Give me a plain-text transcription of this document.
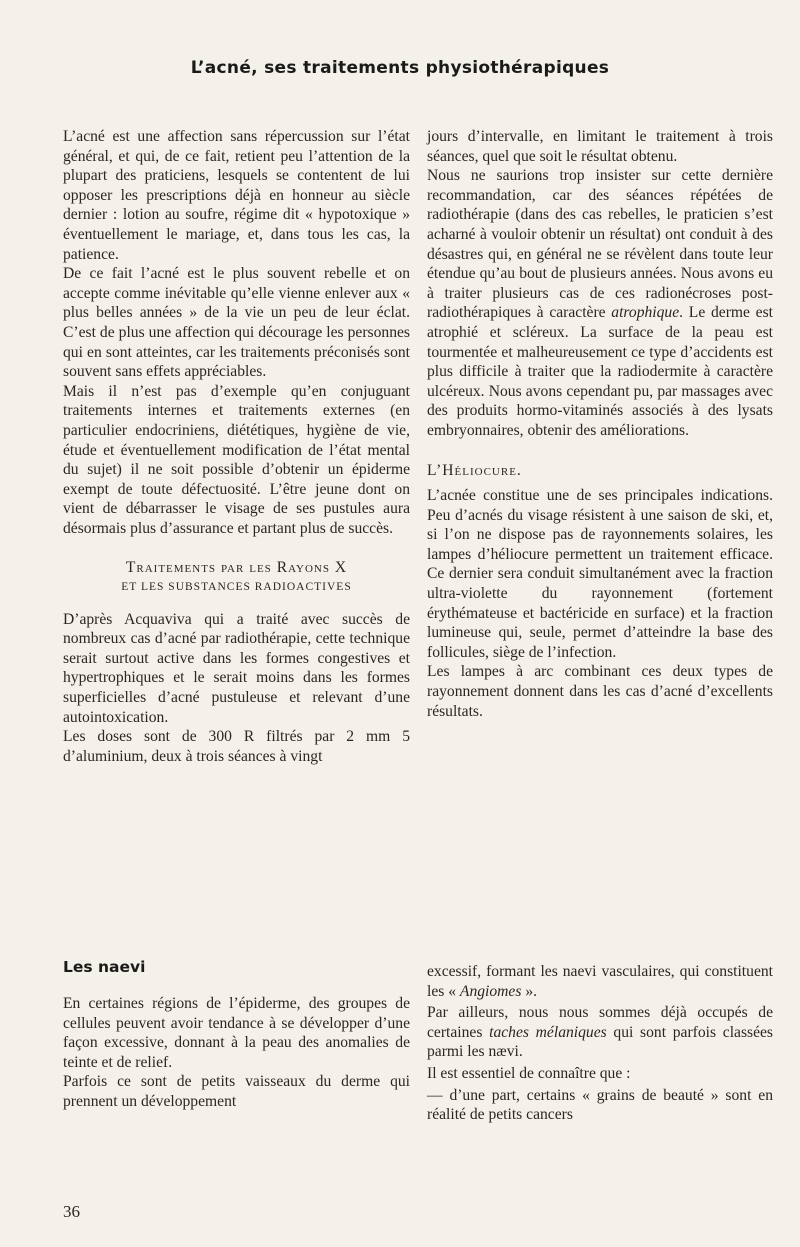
L’acné, ses traitements physiothérapiques

L’acné est une affection sans répercussion sur l’état général, et qui, de ce fait, retient peu l’attention de la plupart des praticiens, lesquels se contentent de lui opposer les prescriptions déjà en honneur au siècle dernier : lotion au soufre, régime dit « hypotoxique » éventuellement le mariage, et, dans tous les cas, la patience.

De ce fait l’acné est le plus souvent rebelle et on accepte comme inévitable qu’elle vienne enlever aux « plus belles années » de la vie un peu de leur éclat. C’est de plus une affection qui décourage les personnes qui en sont atteintes, car les traitements préconisés sont souvent sans effets appréciables.

Mais il n’est pas d’exemple qu’en conjuguant traitements internes et traitements externes (en particulier endocriniens, diététiques, hygiène de vie, étude et éventuellement modification de l’état mental du sujet) il ne soit possible d’obtenir un épiderme exempt de toute défectuosité. L’être jeune dont on vient de débarrasser le visage de ses pustules aura désormais plus d’assurance et partant plus de succès.

Traitements par les Rayons X

ET LES SUBSTANCES RADIOACTIVES

D’après Acquaviva qui a traité avec succès de nombreux cas d’acné par radiothérapie, cette technique serait surtout active dans les formes congestives et hypertrophiques et le serait moins dans les formes superficielles d’acné pustuleuse et relevant d’une autointoxication.

Les doses sont de 300 R filtrés par 2 mm 5 d’aluminium, deux à trois séances à vingt

jours d’intervalle, en limitant le traitement à trois séances, quel que soit le résultat obtenu.

Nous ne saurions trop insister sur cette dernière recommandation, car des séances répétées de radiothérapie (dans des cas rebelles, le praticien s’est acharné à vouloir obtenir un résultat) ont conduit à des désastres qui, en général ne se révèlent dans toute leur étendue qu’au bout de plusieurs années. Nous avons eu à traiter plusieurs cas de ces radionécroses post-radiothérapiques à caractère atrophique. Le derme est atrophié et scléreux. La surface de la peau est tourmentée et malheureusement ce type d’accidents est plus difficile à traiter que la radiodermite à caractère ulcéreux. Nous avons cependant pu, par massages avec des produits hormo-vitaminés associés à des lysats embryonnaires, obtenir des améliorations.

L’Héliocure.

L’acnée constitue une de ses principales indications. Peu d’acnés du visage résistent à une saison de ski, et, si l’on ne dispose pas de rayonnements solaires, les lampes d’héliocure permettent un traitement efficace. Ce dernier sera conduit simultanément avec la fraction ultra-violette du rayonnement (fortement érythémateuse et bactéricide en surface) et la fraction lumineuse qui, seule, permet d’atteindre la base des follicules, siège de l’infection.

Les lampes à arc combinant ces deux types de rayonnement donnent dans les cas d’acné d’excellents résultats.

Les naevi

En certaines régions de l’épiderme, des groupes de cellules peuvent avoir tendance à se développer d’une façon excessive, donnant à la peau des anomalies de teinte et de relief.

Parfois ce sont de petits vaisseaux du derme qui prennent un développement

excessif, formant les naevi vasculaires, qui constituent les « Angiomes ».

Par ailleurs, nous nous sommes déjà occupés de certaines taches mélaniques qui sont parfois classées parmi les nævi.

Il est essentiel de connaître que :

— d’une part, certains « grains de beauté » sont en réalité de petits cancers

36
